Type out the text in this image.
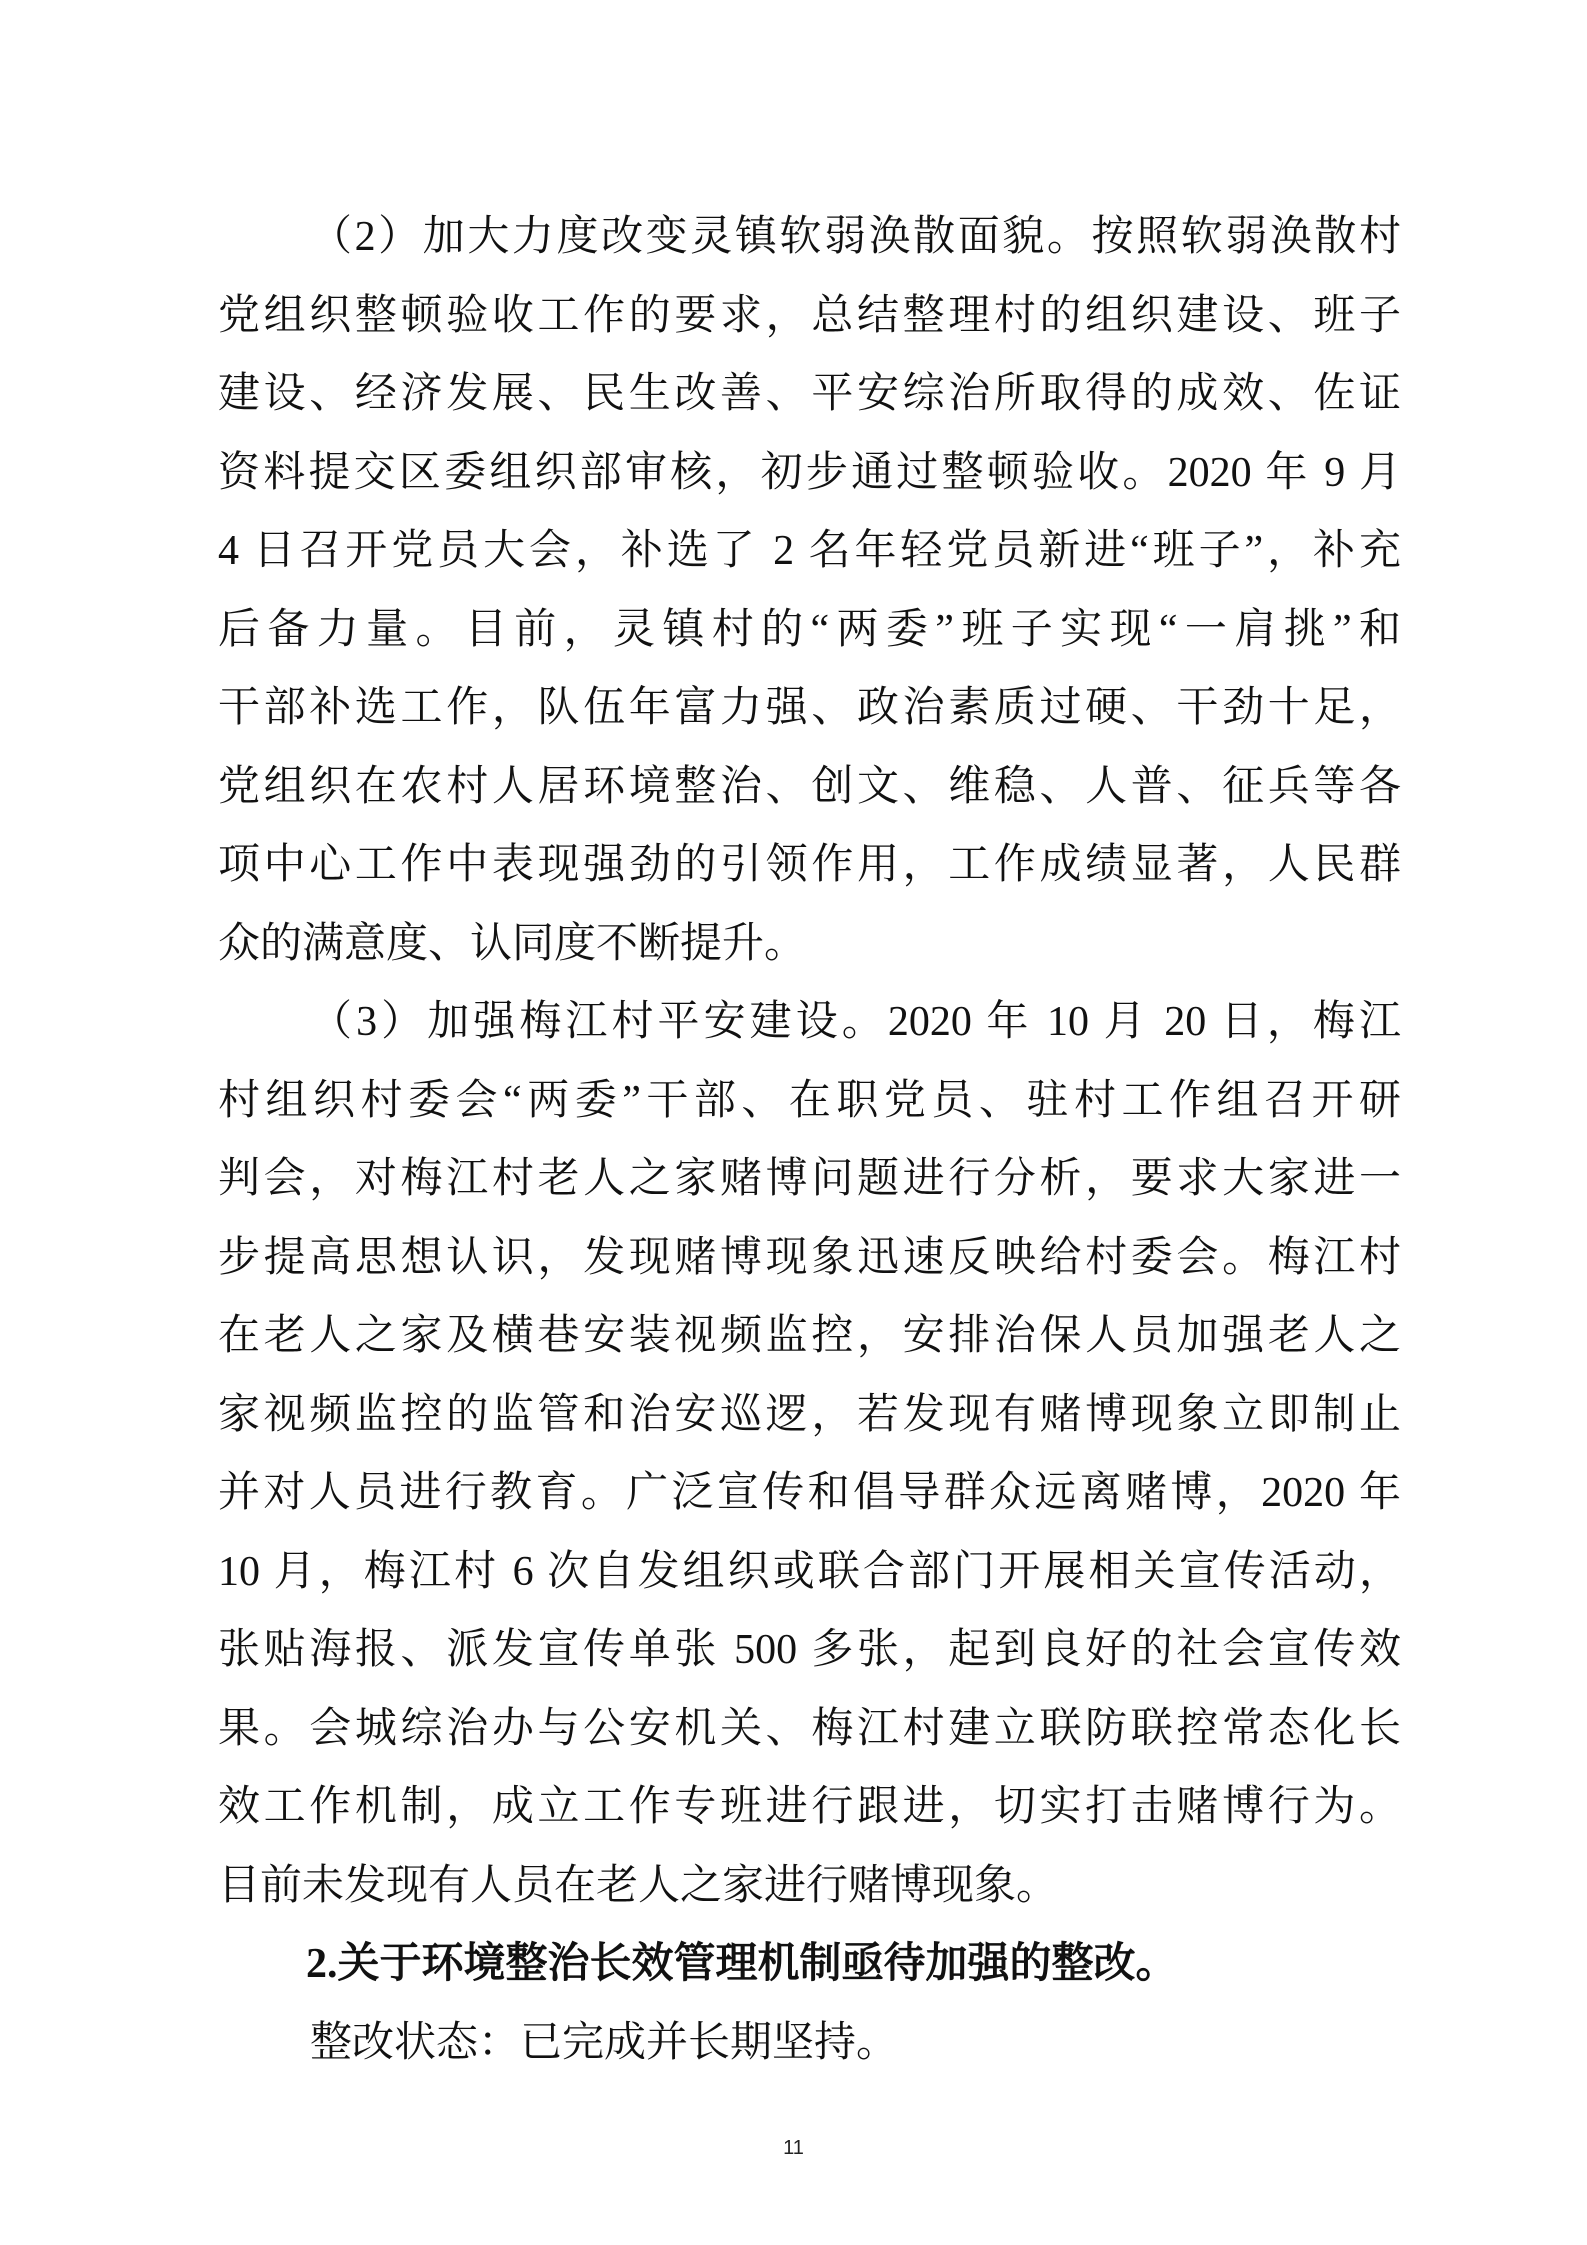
（2）加大力度改变灵镇软弱涣散面貌。按照软弱涣散村
党组织整顿验收工作的要求，总结整理村的组织建设、班子
建设、经济发展、民生改善、平安综治所取得的成效、佐证
资料提交区委组织部审核，初步通过整顿验收。2020 年 9 月
4 日召开党员大会，补选了 2 名年轻党员新进“班子”，补充
后备力量。目前，灵镇村的“两委”班子实现“一肩挑”和
干部补选工作，队伍年富力强、政治素质过硬、干劲十足，
党组织在农村人居环境整治、创文、维稳、人普、征兵等各
项中心工作中表现强劲的引领作用，工作成绩显著，人民群
众的满意度、认同度不断提升。
（3）加强梅江村平安建设。2020 年 10 月 20 日，梅江
村组织村委会“两委”干部、在职党员、驻村工作组召开研
判会，对梅江村老人之家赌博问题进行分析，要求大家进一
步提高思想认识，发现赌博现象迅速反映给村委会。梅江村
在老人之家及横巷安装视频监控，安排治保人员加强老人之
家视频监控的监管和治安巡逻，若发现有赌博现象立即制止
并对人员进行教育。广泛宣传和倡导群众远离赌博，2020 年
10 月，梅江村 6 次自发组织或联合部门开展相关宣传活动，
张贴海报、派发宣传单张 500 多张，起到良好的社会宣传效
果。会城综治办与公安机关、梅江村建立联防联控常态化长
效工作机制，成立工作专班进行跟进，切实打击赌博行为。
目前未发现有人员在老人之家进行赌博现象。
2.关于环境整治长效管理机制亟待加强的整改。
整改状态：已完成并长期坚持。
11
